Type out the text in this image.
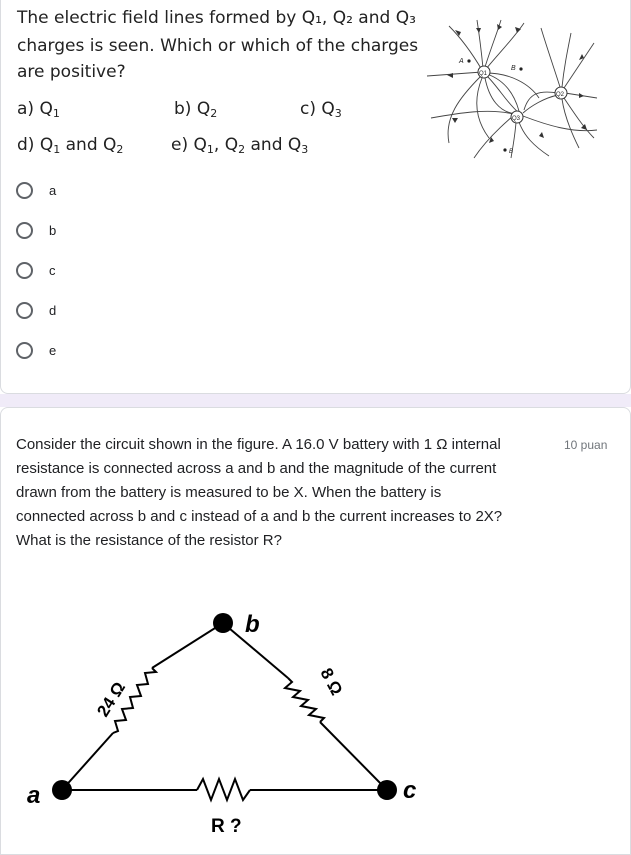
The electric field lines formed by Q₁, Q₂ and Q₃
charges is seen. Which or which of the charges
are positive?
a) $Q_1$	b) $Q_2$	c) $Q_3$
d) $Q_1$ and $Q_2$	e) $Q_1$, $Q_2$ and $Q_3$
Q1
Q2
Q3
A
B
B
a
b
c
d
e
Consider the circuit shown in the figure. A 16.0 V battery with 1 Ω internal
resistance is connected across a and b and the magnitude of the current
drawn from the battery is measured to be X. When the battery is
connected across b and c instead of a and b the current increases to 2X?
What is the resistance of the resistor R?
10 puan
b
a	c
24 Ω	8 Ω
R ?
